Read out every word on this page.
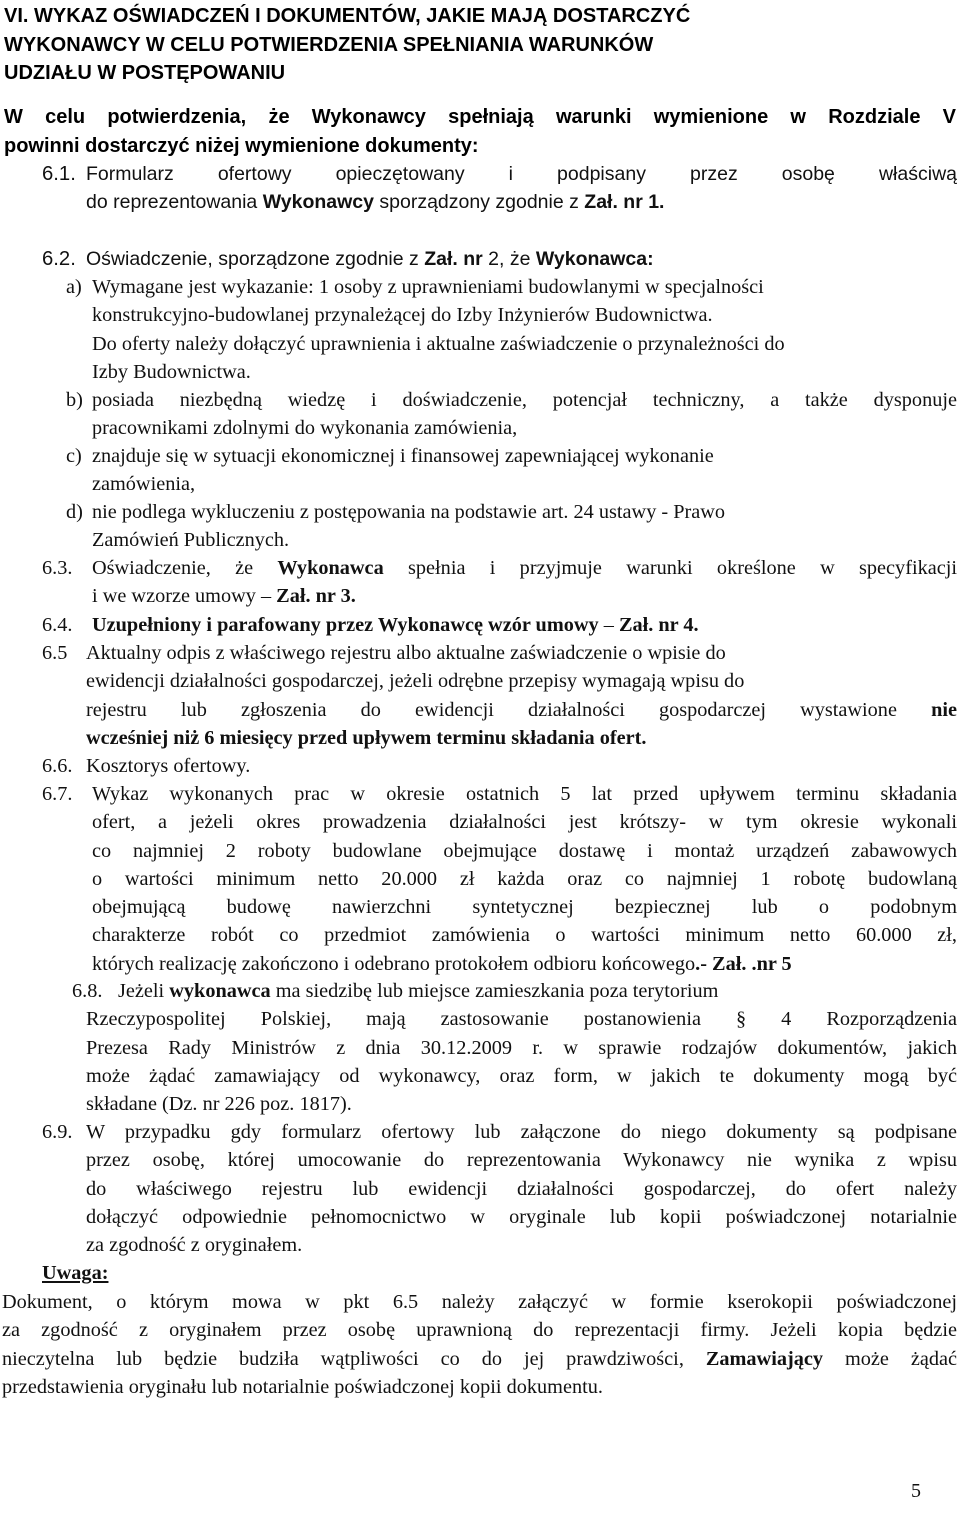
VI. WYKAZ OŚWIADCZEŃ I DOKUMENTÓW, JAKIE MAJĄ DOSTARCZYĆ
WYKONAWCY W CELU POTWIERDZENIA SPEŁNIANIA WARUNKÓW
UDZIAŁU W POSTĘPOWANIU
W celu potwierdzenia, że Wykonawcy spełniają warunki wymienione w Rozdziale V
powinni dostarczyć niżej wymienione dokumenty:
6.1. Formularz ofertowy opieczętowany i podpisany przez osobę właściwą
do reprezentowania Wykonawcy sporządzony zgodnie z Zał. nr 1.
6.2. Oświadczenie, sporządzone zgodnie z Zał. nr 2, że Wykonawca:
a) Wymagane jest wykazanie: 1 osoby z uprawnieniami budowlanymi w specjalności
konstrukcyjno-budowlanej przynależącej do Izby Inżynierów Budownictwa.
Do oferty należy dołączyć uprawnienia i aktualne zaświadczenie o przynależności do
Izby Budownictwa.
b) posiada niezbędną wiedzę i doświadczenie, potencjał techniczny, a także dysponuje
pracownikami zdolnymi do wykonania zamówienia,
c) znajduje się w sytuacji ekonomicznej i finansowej zapewniającej wykonanie
zamówienia,
d) nie podlega wykluczeniu z postępowania na podstawie art. 24 ustawy - Prawo
Zamówień Publicznych.
6.3. Oświadczenie, że Wykonawca spełnia i przyjmuje warunki określone w specyfikacji
i we wzorze umowy – Zał. nr 3.
6.4. Uzupełniony i parafowany przez Wykonawcę wzór umowy – Zał. nr 4.
6.5 Aktualny odpis z właściwego rejestru albo aktualne zaświadczenie o wpisie do
ewidencji działalności gospodarczej, jeżeli odrębne przepisy wymagają wpisu do
rejestru lub zgłoszenia do ewidencji działalności gospodarczej wystawione nie
wcześniej niż 6 miesięcy przed upływem terminu składania ofert.
6.6. Kosztorys ofertowy.
6.7. Wykaz wykonanych prac w okresie ostatnich 5 lat przed upływem terminu składania
ofert, a jeżeli okres prowadzenia działalności jest krótszy- w tym okresie wykonali
co najmniej 2 roboty budowlane obejmujące dostawę i montaż urządzeń zabawowych
o wartości minimum netto 20.000 zł każda oraz co najmniej 1 robotę budowlaną
obejmującą budowę nawierzchni syntetycznej bezpiecznej lub o podobnym
charakterze robót co przedmiot zamówienia o wartości minimum netto 60.000 zł,
których realizację zakończono i odebrano protokołem odbioru końcowego.- Zał. .nr 5
6.8. Jeżeli wykonawca ma siedzibę lub miejsce zamieszkania poza terytorium
Rzeczypospolitej Polskiej, mają zastosowanie postanowienia § 4 Rozporządzenia
Prezesa Rady Ministrów z dnia 30.12.2009 r. w sprawie rodzajów dokumentów, jakich
może żądać zamawiający od wykonawcy, oraz form, w jakich te dokumenty mogą być
składane (Dz. nr 226 poz. 1817).
6.9. W przypadku gdy formularz ofertowy lub załączone do niego dokumenty są podpisane
przez osobę, której umocowanie do reprezentowania Wykonawcy nie wynika z wpisu
do właściwego rejestru lub ewidencji działalności gospodarczej, do ofert należy
dołączyć odpowiednie pełnomocnictwo w oryginale lub kopii poświadczonej notarialnie
za zgodność z oryginałem.
Uwaga:
Dokument, o którym mowa w pkt 6.5 należy załączyć w formie kserokopii poświadczonej
za zgodność z oryginałem przez osobę uprawnioną do reprezentacji firmy. Jeżeli kopia będzie
nieczytelna lub będzie budziła wątpliwości co do jej prawdziwości, Zamawiający może żądać
przedstawienia oryginału lub notarialnie poświadczonej kopii dokumentu.
5
